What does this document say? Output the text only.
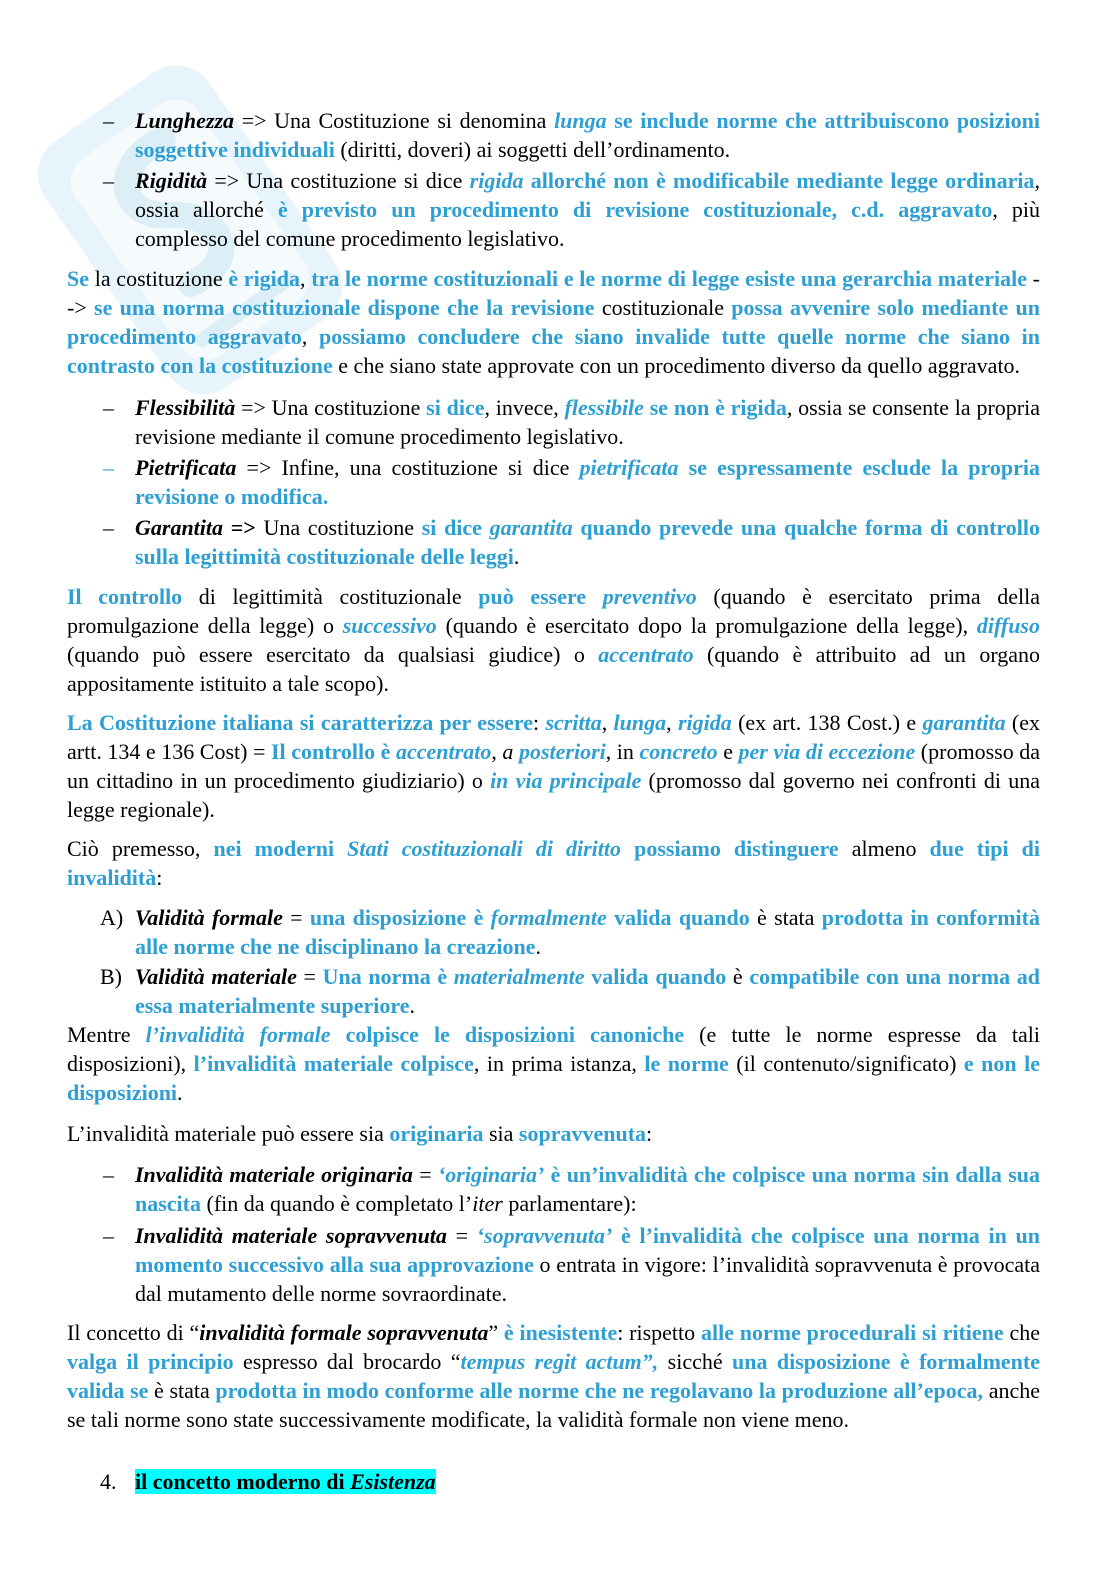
– Lunghezza => Una Costituzione si denomina lunga se include norme che attribuiscono posizioni soggettive individuali (diritti, doveri) ai soggetti dell’ordinamento.
– Rigidità => Una costituzione si dice rigida allorché non è modificabile mediante legge ordinaria, ossia allorché è previsto un procedimento di revisione costituzionale, c.d. aggravato, più complesso del comune procedimento legislativo.
Se la costituzione è rigida, tra le norme costituzionali e le norme di legge esiste una gerarchia materiale --> se una norma costituzionale dispone che la revisione costituzionale possa avvenire solo mediante un procedimento aggravato, possiamo concludere che siano invalide tutte quelle norme che siano in contrasto con la costituzione e che siano state approvate con un procedimento diverso da quello aggravato.
– Flessibilità => Una costituzione si dice, invece, flessibile se non è rigida, ossia se consente la propria revisione mediante il comune procedimento legislativo.
– Pietrificata => Infine, una costituzione si dice pietrificata se espressamente esclude la propria revisione o modifica.
– Garantita => Una costituzione si dice garantita quando prevede una qualche forma di controllo sulla legittimità costituzionale delle leggi.
Il controllo di legittimità costituzionale può essere preventivo (quando è esercitato prima della promulgazione della legge) o successivo (quando è esercitato dopo la promulgazione della legge), diffuso (quando può essere esercitato da qualsiasi giudice) o accentrato (quando è attribuito ad un organo appositamente istituito a tale scopo).
La Costituzione italiana si caratterizza per essere: scritta, lunga, rigida (ex art. 138 Cost.) e garantita (ex artt. 134 e 136 Cost) = Il controllo è accentrato, a posteriori, in concreto e per via di eccezione (promosso da un cittadino in un procedimento giudiziario) o in via principale (promosso dal governo nei confronti di una legge regionale).
Ciò premesso, nei moderni Stati costituzionali di diritto possiamo distinguere almeno due tipi di invalidità:
A) Validità formale = una disposizione è formalmente valida quando è stata prodotta in conformità alle norme che ne disciplinano la creazione.
B) Validità materiale = Una norma è materialmente valida quando è compatibile con una norma ad essa materialmente superiore.
Mentre l’invalidità formale colpisce le disposizioni canoniche (e tutte le norme espresse da tali disposizioni), l’invalidità materiale colpisce, in prima istanza, le norme (il contenuto/significato) e non le disposizioni.
L’invalidità materiale può essere sia originaria sia sopravvenuta:
– Invalidità materiale originaria = ‘originaria’ è un’invalidità che colpisce una norma sin dalla sua nascita (fin da quando è completato l’iter parlamentare):
– Invalidità materiale sopravvenuta = ‘sopravvenuta’ è l’invalidità che colpisce una norma in un momento successivo alla sua approvazione o entrata in vigore: l’invalidità sopravvenuta è provocata dal mutamento delle norme sovraordinate.
Il concetto di “invalidità formale sopravvenuta” è inesistente: rispetto alle norme procedurali si ritiene che valga il principio espresso dal brocardo “tempus regit actum”, sicché una disposizione è formalmente valida se è stata prodotta in modo conforme alle norme che ne regolavano la produzione all’epoca, anche se tali norme sono state successivamente modificate, la validità formale non viene meno.
4. il concetto moderno di Esistenza
